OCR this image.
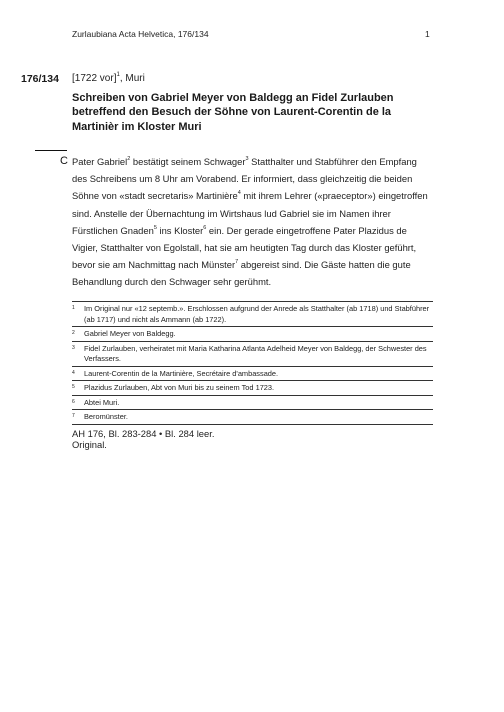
Zurlaubiana Acta Helvetica, 176/134	1
176/134 [1722 vor]$^1$, Muri
Schreiben von Gabriel Meyer von Baldegg an Fidel Zurlauben
betreffend den Besuch der Söhne von Laurent-Corentin de la
Martinièr im Kloster Muri
C Pater Gabriel$^2$ bestätigt seinem Schwager$^3$ Statthalter und Stabführer den Empfang des Schreibens um 8 Uhr am Vorabend. Er informiert, dass gleichzeitig die beiden Söhne von «stadt secretaris» Martinière$^4$ mit ihrem Lehrer («praeceptor») eingetroffen sind. Anstelle der Übernachtung im Wirtshaus lud Gabriel sie im Namen ihrer Fürstlichen Gnaden$^5$ ins Kloster$^6$ ein. Der gerade eingetroffene Pater Plazidus de Vigier, Statthalter von Egolstall, hat sie am heutigten Tag durch das Kloster geführt, bevor sie am Nachmittag nach Münster$^7$ abgereist sind. Die Gäste hatten die gute Behandlung durch den Schwager sehr gerühmt.
1 Im Original nur «12 septemb.». Erschlossen aufgrund der Anrede als Statthalter (ab 1718) und Stabführer (ab 1717) und nicht als Ammann (ab 1722).
2 Gabriel Meyer von Baldegg.
3 Fidel Zurlauben, verheiratet mit Maria Katharina Atlanta Adelheid Meyer von Baldegg, der Schwester des Verfassers.
4 Laurent-Corentin de la Martinière, Secrétaire d'ambassade.
5 Plazidus Zurlauben, Abt von Muri bis zu seinem Tod 1723.
6 Abtei Muri.
7 Beromünster.
AH 176, Bl. 283-284 • Bl. 284 leer.
Original.
